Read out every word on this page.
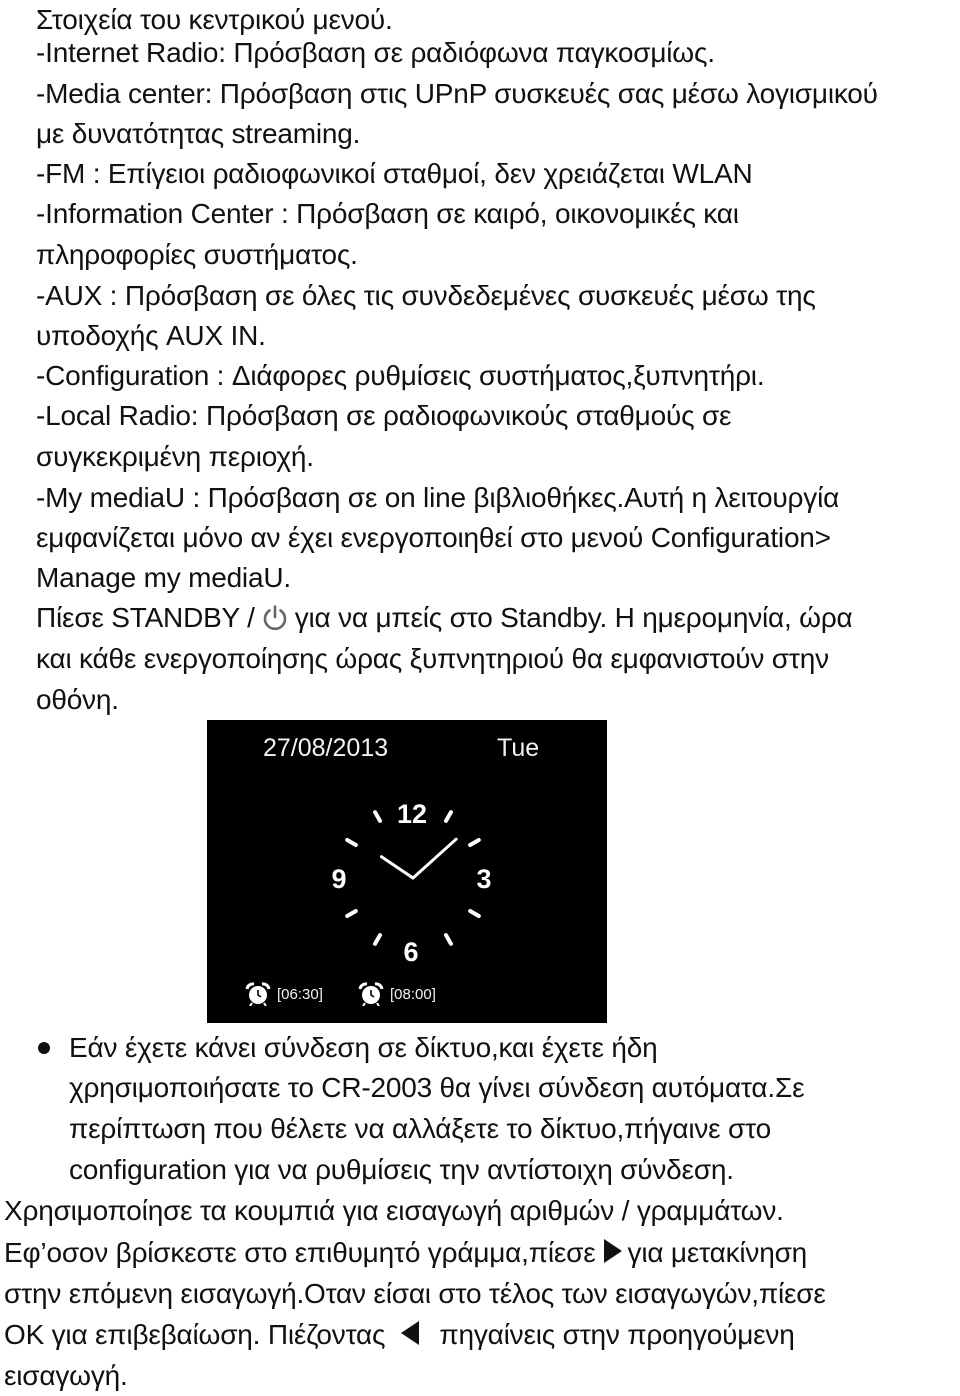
Στοιχεία του κεντρικού μενού.
-Internet Radio: Πρόσβαση σε ραδιόφωνα παγκοσμίως.
-Media center: Πρόσβαση στις UPnP συσκευές σας μέσω λογισμικού
με δυνατότητας streaming.
-FM : Επίγειοι ραδιοφωνικοί σταθμοί, δεν χρειάζεται WLAN
-Information Center : Πρόσβαση σε καιρό, οικονομικές και
πληροφορίες συστήματος.
-AUX : Πρόσβαση σε όλες τις συνδεδεμένες συσκευές μέσω της
υποδοχής AUX IN.
-Configuration : Διάφορες ρυθμίσεις συστήματος,ξυπνητήρι.
-Local Radio: Πρόσβαση σε ραδιοφωνικούς σταθμούς σε
συγκεκριμένη περιοχή.
-My mediaU : Πρόσβαση σε on line βιβλιοθήκες.Αυτή η λειτουργία
εμφανίζεται μόνο αν έχει ενεργοποιηθεί στο μενού Configuration>
Manage my mediaU.
Πίεσε STANDBY / για να μπείς στο Standby. Η ημερομηνία, ώρα
και κάθε ενεργοποίησης ώρας ξυπνητηριού θα εμφανιστούν στην
οθόνη.
27/08/2013	Tue
12
3
6
9
[06:30]	[08:00]
Εάν έχετε κάνει σύνδεση σε δίκτυο,και έχετε ήδη
χρησιμοποιήσατε το CR-2003 θα γίνει σύνδεση αυτόματα.Σε
περίπτωση που θέλετε να αλλάξετε το δίκτυο,πήγαινε στο
configuration για να ρυθμίσεις την αντίστοιχη σύνδεση.
Χρησιμοποίησε τα κουμπιά για εισαγωγή αριθμών / γραμμάτων.
Εφ’οσον βρίσκεστε στο επιθυμητό γράμμα,πίεσε για μετακίνηση
στην επόμενη εισαγωγή.Οταν είσαι στο τέλος των εισαγωγών,πίεσε
ΟΚ για επιβεβαίωση. Πιέζοντας πηγαίνεις στην προηγούμενη
εισαγωγή.
